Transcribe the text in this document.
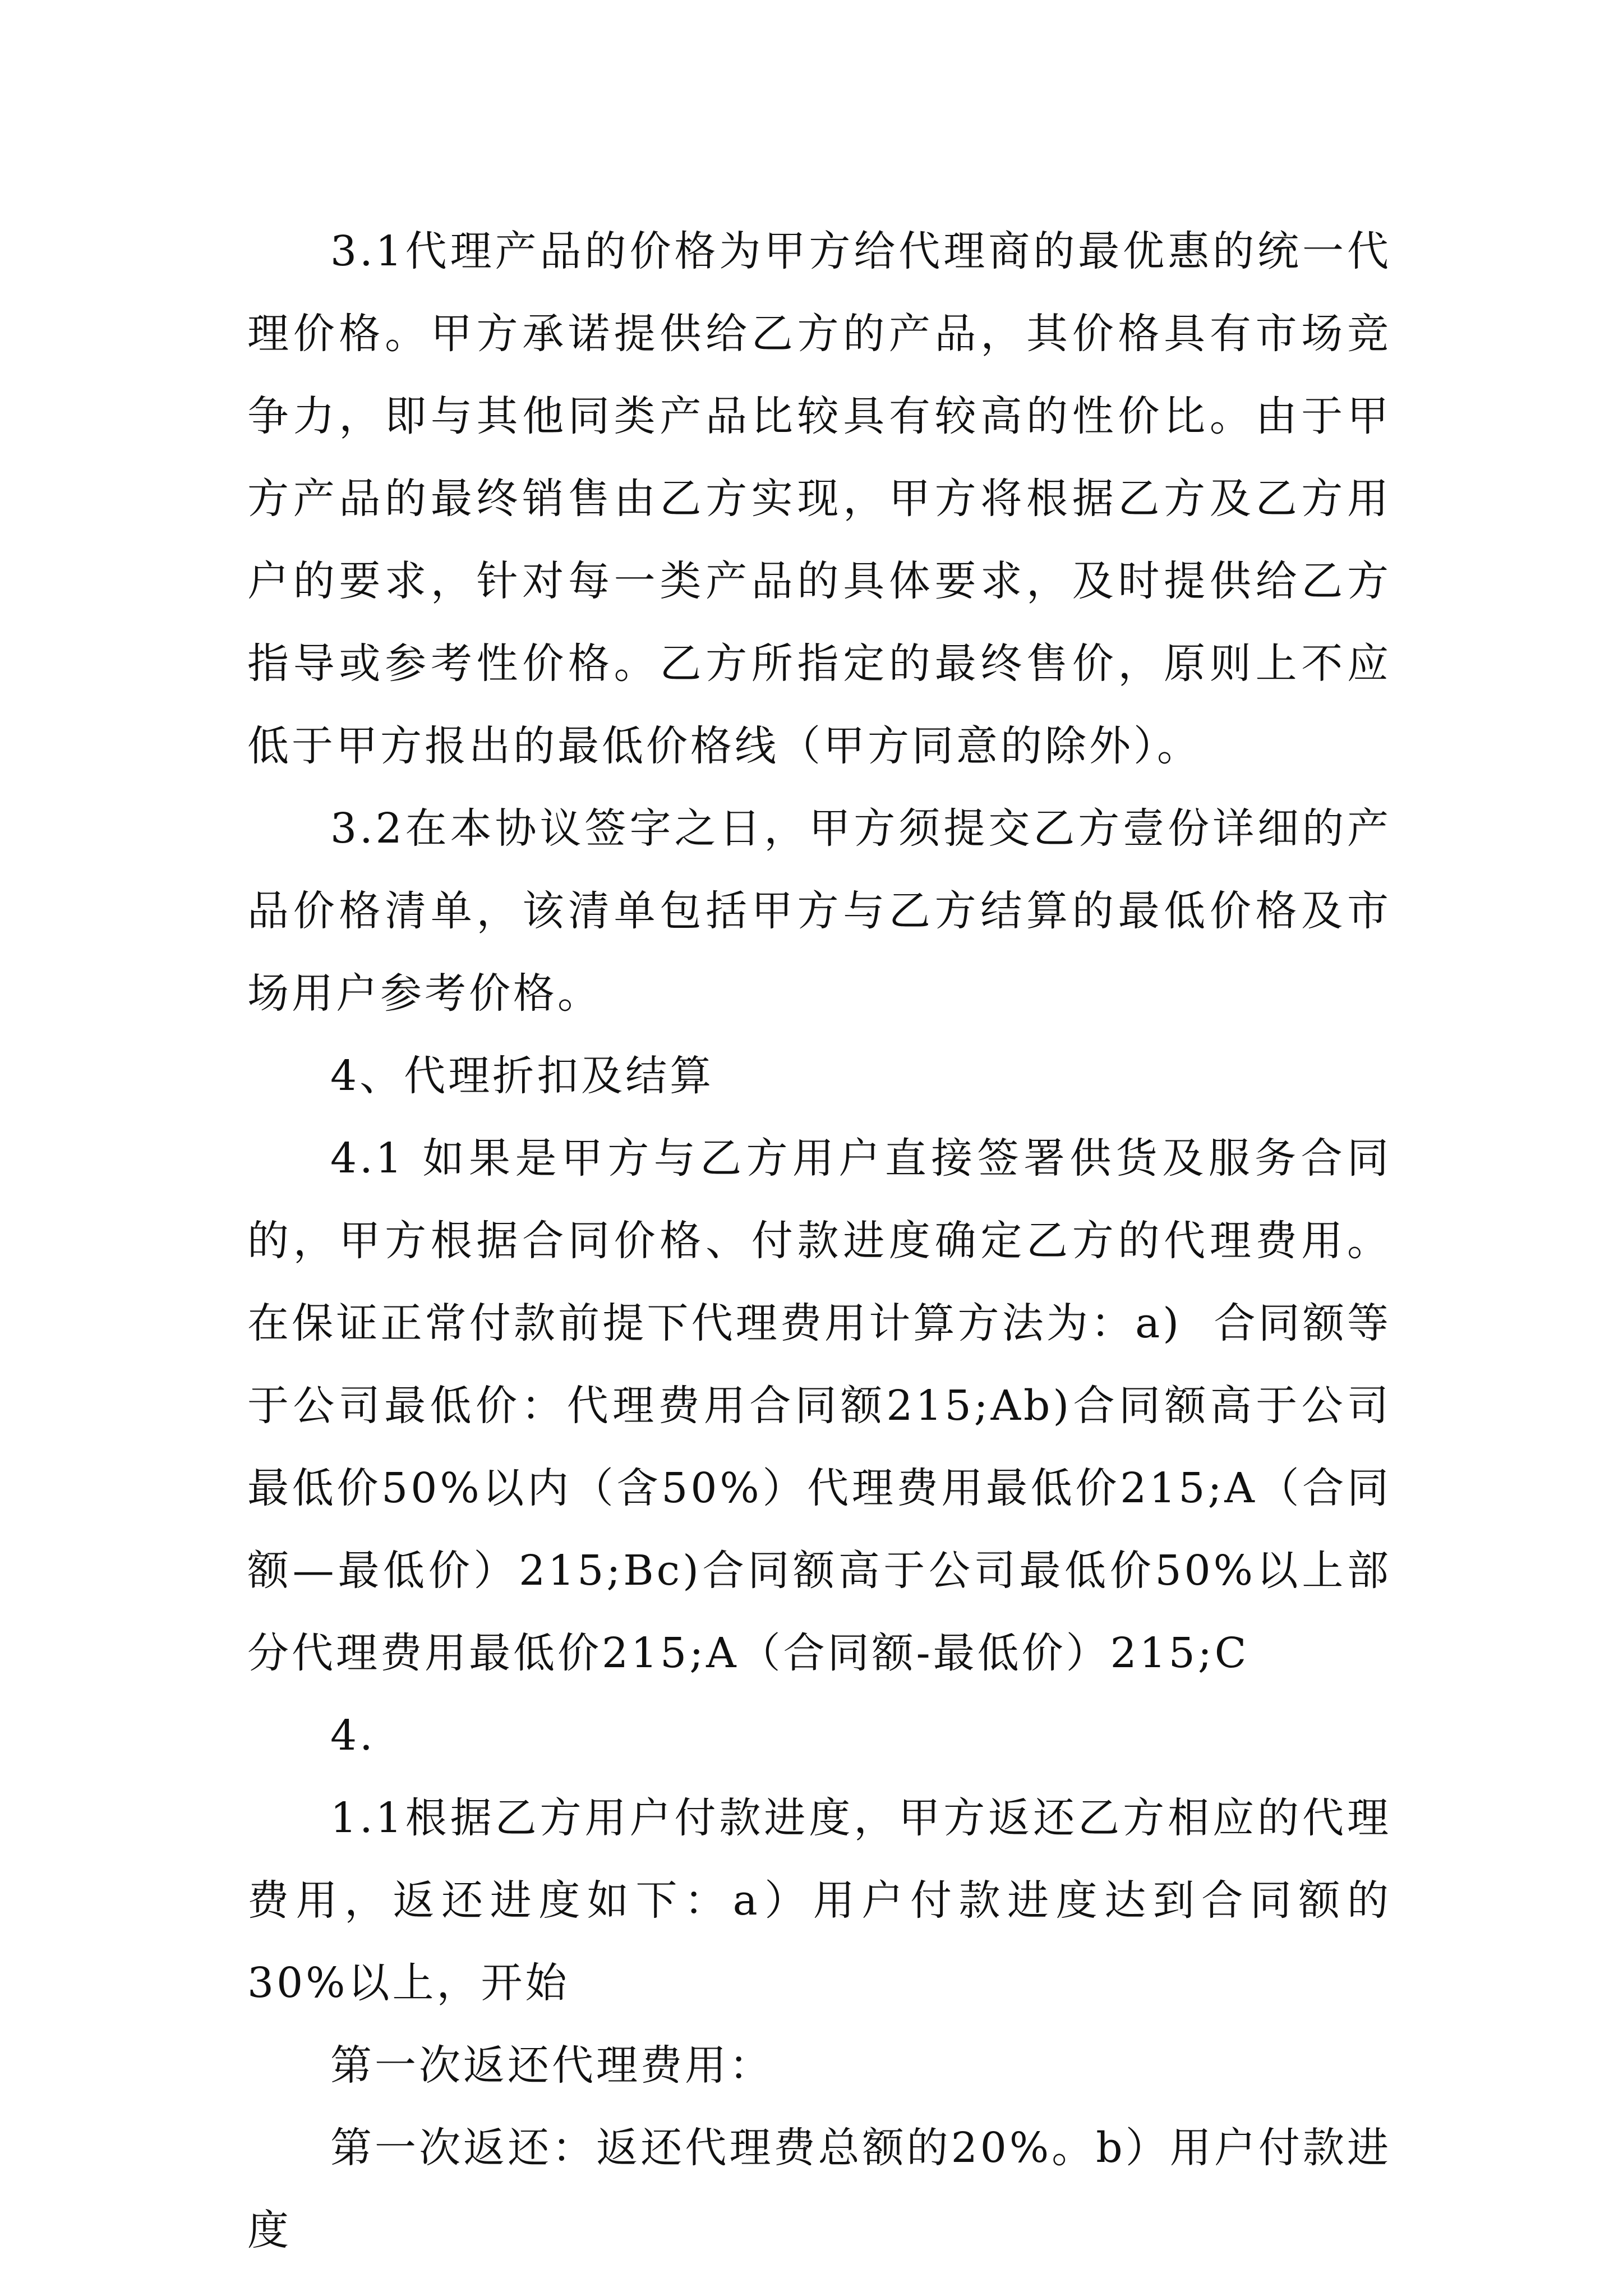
3.1代理产品的价格为甲方给代理商的最优惠的统一代理价格。甲方承诺提供给乙方的产品，其价格具有市场竞争力，即与其他同类产品比较具有较高的性价比。由于甲方产品的最终销售由乙方实现，甲方将根据乙方及乙方用户的要求，针对每一类产品的具体要求，及时提供给乙方指导或参考性价格。乙方所指定的最终售价，原则上不应低于甲方报出的最低价格线（甲方同意的除外）。

3.2在本协议签字之日，甲方须提交乙方壹份详细的产品价格清单，该清单包括甲方与乙方结算的最低价格及市场用户参考价格。

4、代理折扣及结算

4.1 如果是甲方与乙方用户直接签署供货及服务合同的，甲方根据合同价格、付款进度确定乙方的代理费用。在保证正常付款前提下代理费用计算方法为：a)  合同额等于公司最低价：代理费用合同额215;Ab)合同额高于公司最低价50%以内（含50%）代理费用最低价215;A（合同额—最低价）215;Bc)合同额高于公司最低价50%以上部分代理费用最低价215;A（合同额-最低价）215;C

4.

1.1根据乙方用户付款进度，甲方返还乙方相应的代理费用，返还进度如下：a）用户付款进度达到合同额的30%以上，开始

第一次返还代理费用：

第一次返还：返还代理费总额的20%。b）用户付款进度
